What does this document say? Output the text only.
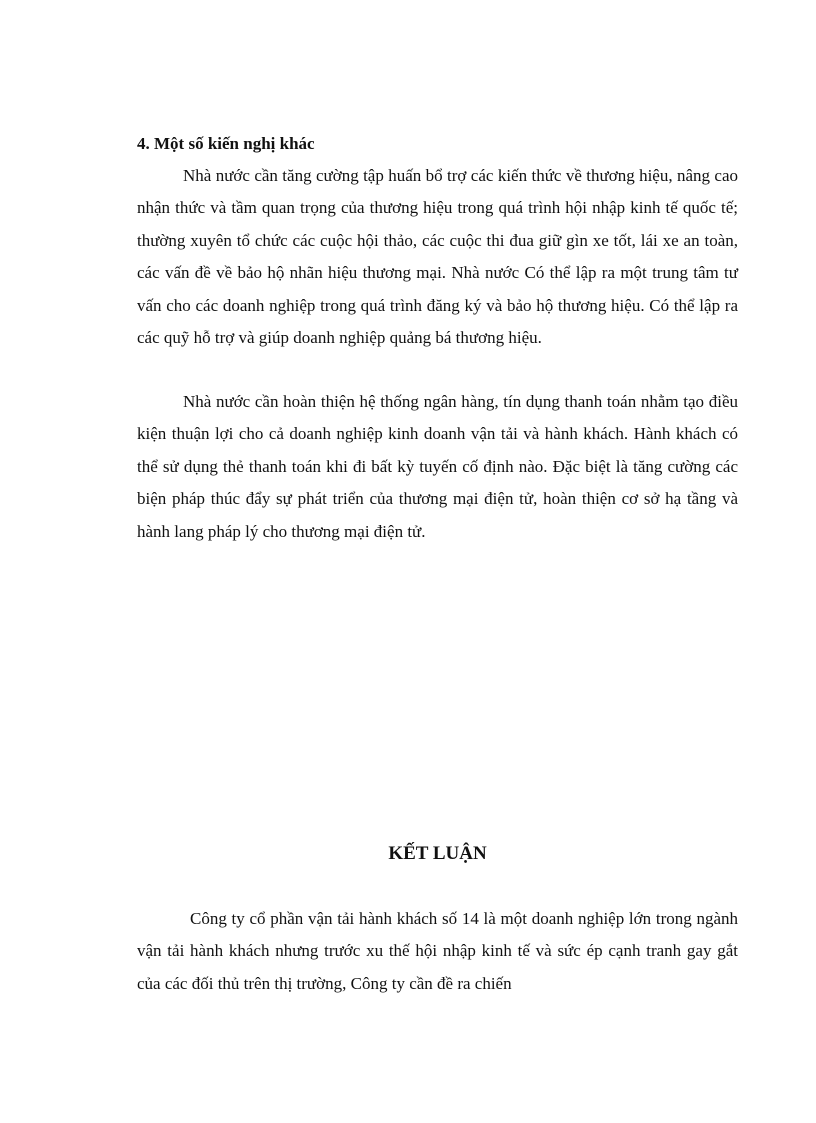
4. Một số kiến nghị khác

Nhà nước cần tăng cường tập huấn bổ trợ các kiến thức về thương hiệu, nâng cao nhận thức và tầm quan trọng của thương hiệu trong quá trình hội nhập kinh tế quốc tế; thường xuyên tổ chức các cuộc hội thảo, các cuộc thi đua giữ gìn xe tốt, lái xe an toàn, các vấn đề về bảo hộ nhãn hiệu thương mại. Nhà nước Có thể lập ra một trung tâm tư vấn cho các doanh nghiệp trong quá trình đăng ký và bảo hộ thương hiệu. Có thể lập ra các quỹ hỗ trợ và giúp doanh nghiệp quảng bá thương hiệu.

Nhà nước cần hoàn thiện hệ thống ngân hàng, tín dụng thanh toán nhằm tạo điều kiện thuận lợi cho cả doanh nghiệp kinh doanh vận tải và hành khách. Hành khách có thể sử dụng thẻ thanh toán khi đi bất kỳ tuyến cố định nào. Đặc biệt là tăng cường các biện pháp thúc đẩy sự phát triển của thương mại điện tử, hoàn thiện cơ sở hạ tầng và hành lang pháp lý cho thương mại điện tử.

KẾT LUẬN

Công ty cổ phần vận tải hành khách số 14 là một doanh nghiệp lớn trong ngành vận tải hành khách nhưng trước xu thế hội nhập kinh tế và sức ép cạnh tranh gay gắt của các đối thủ trên thị trường, Công ty cần đề ra chiến
